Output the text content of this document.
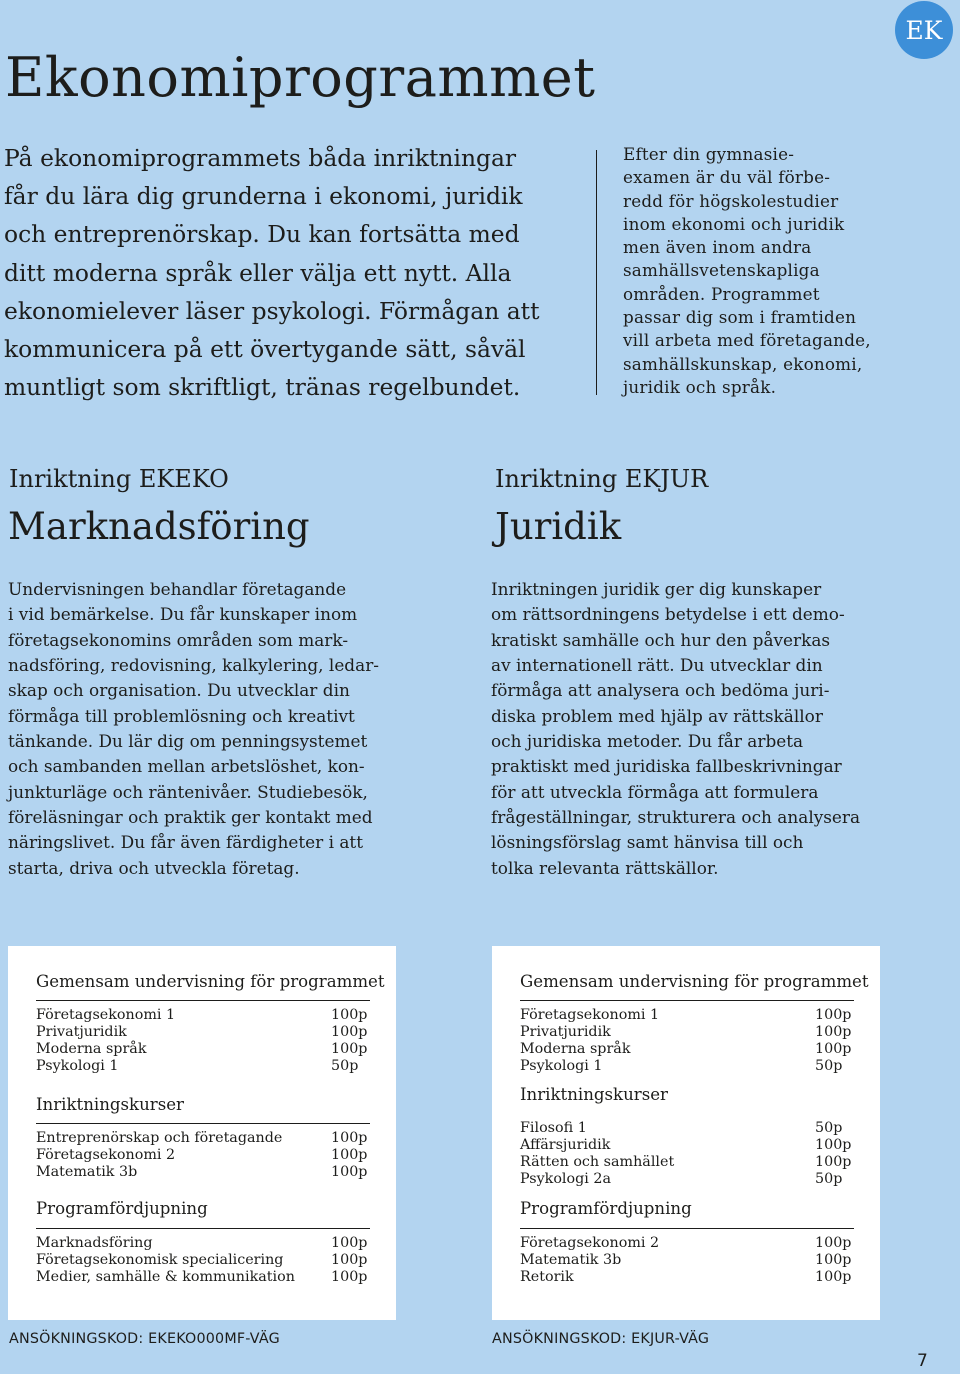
EK
Ekonomiprogrammet
På ekonomiprogrammets båda inriktningar
får du lära dig grunderna i ekonomi, juridik
och entreprenörskap. Du kan fortsätta med
ditt moderna språk eller välja ett nytt. Alla
ekonomielever läser psykologi. Förmågan att
kommunicera på ett övertygande sätt, såväl
muntligt som skriftligt, tränas regelbundet.
Efter din gymnasie-
examen är du väl förbe-
redd för högskolestudier
inom ekonomi och juridik
men även inom andra
samhällsvetenskapliga
områden. Programmet
passar dig som i framtiden
vill arbeta med företagande,
samhällskunskap, ekonomi,
juridik och språk.
Inriktning EKEKO
Marknadsföring
Undervisningen behandlar företagande
i vid bemärkelse. Du får kunskaper inom
företagsekonomins områden som mark-
nadsföring, redovisning, kalkylering, ledar-
skap och organisation. Du utvecklar din
förmåga till problemlösning och kreativt
tänkande. Du lär dig om penningsystemet
och sambanden mellan arbetslöshet, kon-
junkturläge och räntenivåer. Studiebesök,
föreläsningar och praktik ger kontakt med
näringslivet. Du får även färdigheter i att
starta, driva och utveckla företag.
Inriktning EKJUR
Juridik
Inriktningen juridik ger dig kunskaper
om rättsordningens betydelse i ett demo-
kratiskt samhälle och hur den påverkas
av internationell rätt. Du utvecklar din
förmåga att analysera och bedöma juri-
diska problem med hjälp av rättskällor
och juridiska metoder. Du får arbeta
praktiskt med juridiska fallbeskrivningar
för att utveckla förmåga att formulera
frågeställningar, strukturera och analysera
lösningsförslag samt hänvisa till och
tolka relevanta rättskällor.
Gemensam undervisning för programmet
Företagsekonomi 1	100p
Privatjuridik	100p
Moderna språk	100p
Psykologi 1	50p
Inriktningskurser
Entreprenörskap och företagande	100p
Företagsekonomi 2	100p
Matematik 3b	100p
Programfördjupning
Marknadsföring	100p
Företagsekonomisk specialicering	100p
Medier, samhälle & kommunikation	100p
Gemensam undervisning för programmet
Företagsekonomi 1	100p
Privatjuridik	100p
Moderna språk	100p
Psykologi 1	50p
Inriktningskurser
Filosofi 1	50p
Affärsjuridik	100p
Rätten och samhället	100p
Psykologi 2a	50p
Programfördjupning
Företagsekonomi 2	100p
Matematik 3b	100p
Retorik	100p
ANSÖKNINGSKOD: EKEKO000MF-VÄG	ANSÖKNINGSKOD: EKJUR-VÄG
7
